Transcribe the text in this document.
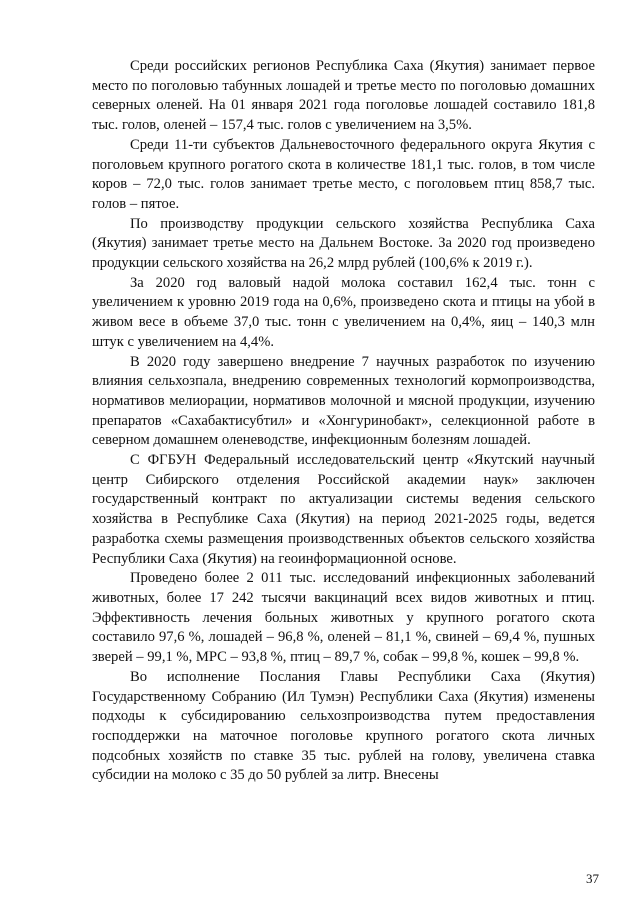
Среди российских регионов Республика Саха (Якутия) занимает первое место по поголовью табунных лошадей и третье место по поголовью домашних северных оленей. На 01 января 2021 года поголовье лошадей составило 181,8 тыс. голов, оленей – 157,4 тыс. голов с увеличением на 3,5%.

Среди 11-ти субъектов Дальневосточного федерального округа Якутия с поголовьем крупного рогатого скота в количестве 181,1 тыс. голов, в том числе коров – 72,0 тыс. голов занимает третье место, с поголовьем птиц 858,7 тыс. голов – пятое.

По производству продукции сельского хозяйства Республика Саха (Якутия) занимает третье место на Дальнем Востоке. За 2020 год произведено продукции сельского хозяйства на 26,2 млрд рублей (100,6% к 2019 г.).

За 2020 год валовый надой молока составил 162,4 тыс. тонн с увеличением к уровню 2019 года на 0,6%, произведено скота и птицы на убой в живом весе в объеме 37,0 тыс. тонн с увеличением на 0,4%, яиц – 140,3 млн штук с увеличением на 4,4%.

В 2020 году завершено внедрение 7 научных разработок по изучению влияния сельхозпала, внедрению современных технологий кормопроизводства, нормативов мелиорации, нормативов молочной и мясной продукции, изучению препаратов «Сахабактисубтил» и «Хонгуринобакт», селекционной работе в северном домашнем оленеводстве, инфекционным болезням лошадей.

С ФГБУН Федеральный исследовательский центр «Якутский научный центр Сибирского отделения Российской академии наук» заключен государственный контракт по актуализации системы ведения сельского хозяйства в Республике Саха (Якутия) на период 2021-2025 годы, ведется разработка схемы размещения производственных объектов сельского хозяйства Республики Саха (Якутия) на геоинформационной основе.

Проведено более 2 011 тыс. исследований инфекционных заболеваний животных, более 17 242 тысячи вакцинаций всех видов животных и птиц. Эффективность лечения больных животных у крупного рогатого скота составило 97,6 %, лошадей – 96,8 %, оленей – 81,1 %, свиней – 69,4 %, пушных зверей – 99,1 %, МРС – 93,8 %, птиц – 89,7 %, собак – 99,8 %, кошек – 99,8 %.

Во исполнение Послания Главы Республики Саха (Якутия) Государственному Собранию (Ил Тумэн) Республики Саха (Якутия) изменены подходы к субсидированию сельхозпроизводства путем предоставления господдержки на маточное поголовье крупного рогатого скота личных подсобных хозяйств по ставке 35 тыс. рублей на голову, увеличена ставка субсидии на молоко с 35 до 50 рублей за литр. Внесены

37
